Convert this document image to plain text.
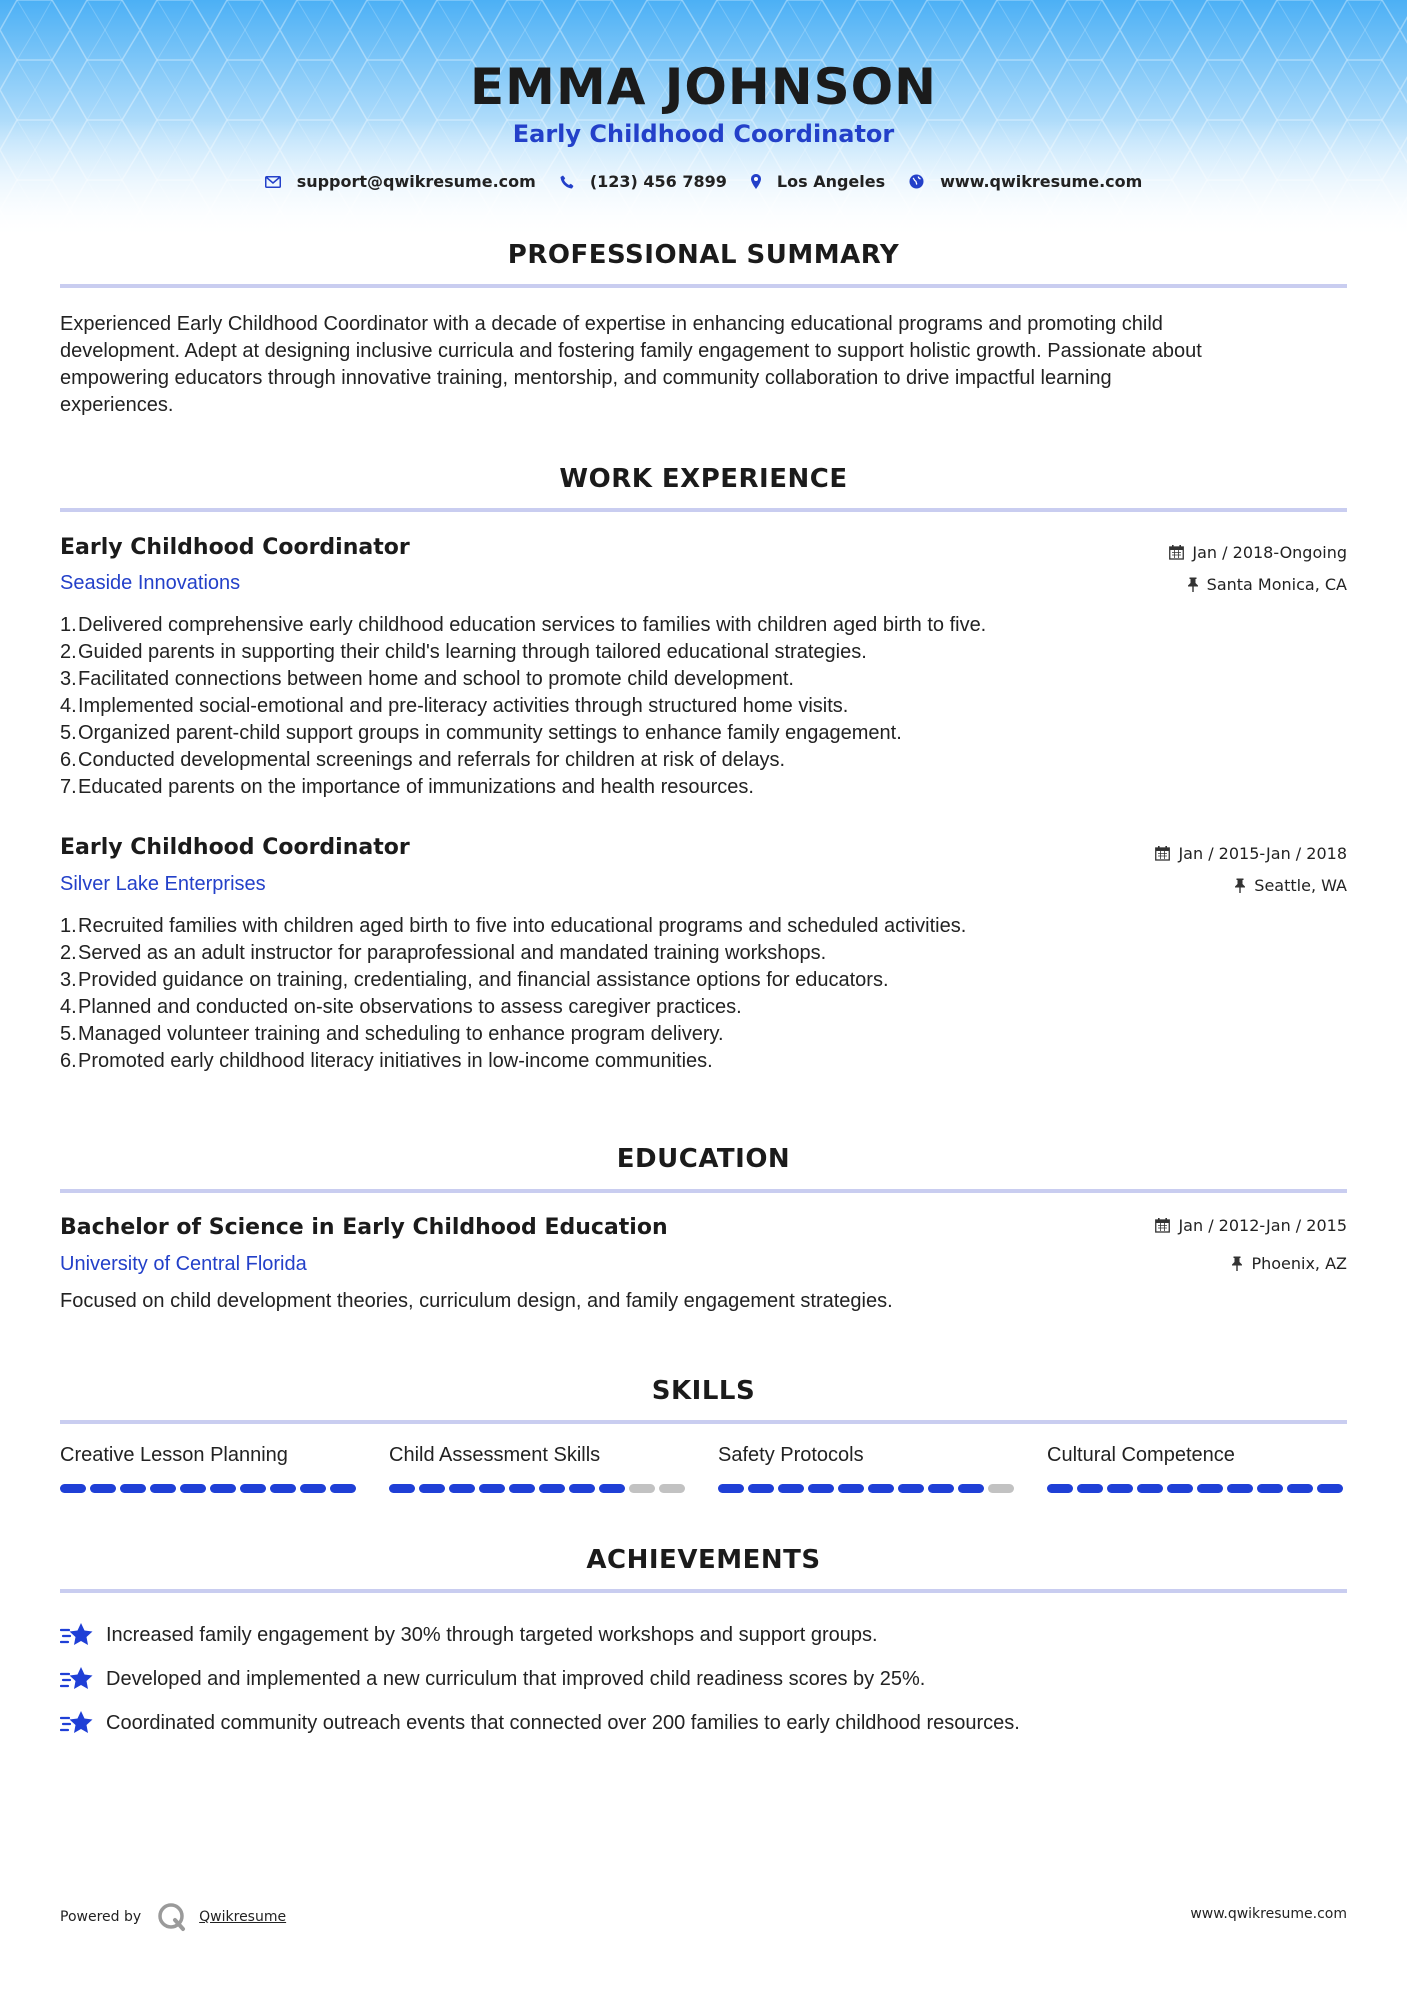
EMMA JOHNSON
Early Childhood Coordinator
support@qwikresume.com	(123) 456 7899	Los Angeles	www.qwikresume.com
PROFESSIONAL SUMMARY
Experienced Early Childhood Coordinator with a decade of expertise in enhancing educational programs and promoting child
development. Adept at designing inclusive curricula and fostering family engagement to support holistic growth. Passionate about
empowering educators through innovative training, mentorship, and community collaboration to drive impactful learning
experiences.
WORK EXPERIENCE
Early Childhood Coordinator
Seaside Innovations
Jan / 2018-Ongoing
Santa Monica, CA
1. Delivered comprehensive early childhood education services to families with children aged birth to five.
2. Guided parents in supporting their child's learning through tailored educational strategies.
3. Facilitated connections between home and school to promote child development.
4. Implemented social-emotional and pre-literacy activities through structured home visits.
5. Organized parent-child support groups in community settings to enhance family engagement.
6. Conducted developmental screenings and referrals for children at risk of delays.
7. Educated parents on the importance of immunizations and health resources.
Early Childhood Coordinator
Silver Lake Enterprises
Jan / 2015-Jan / 2018
Seattle, WA
1. Recruited families with children aged birth to five into educational programs and scheduled activities.
2. Served as an adult instructor for paraprofessional and mandated training workshops.
3. Provided guidance on training, credentialing, and financial assistance options for educators.
4. Planned and conducted on-site observations to assess caregiver practices.
5. Managed volunteer training and scheduling to enhance program delivery.
6. Promoted early childhood literacy initiatives in low-income communities.
EDUCATION
Bachelor of Science in Early Childhood Education
University of Central Florida
Jan / 2012-Jan / 2015
Phoenix, AZ
Focused on child development theories, curriculum design, and family engagement strategies.
SKILLS
Creative Lesson Planning	Child Assessment Skills	Safety Protocols	Cultural Competence
ACHIEVEMENTS
Increased family engagement by 30% through targeted workshops and support groups.
Developed and implemented a new curriculum that improved child readiness scores by 25%.
Coordinated community outreach events that connected over 200 families to early childhood resources.
Powered by	Qwikresume	www.qwikresume.com
